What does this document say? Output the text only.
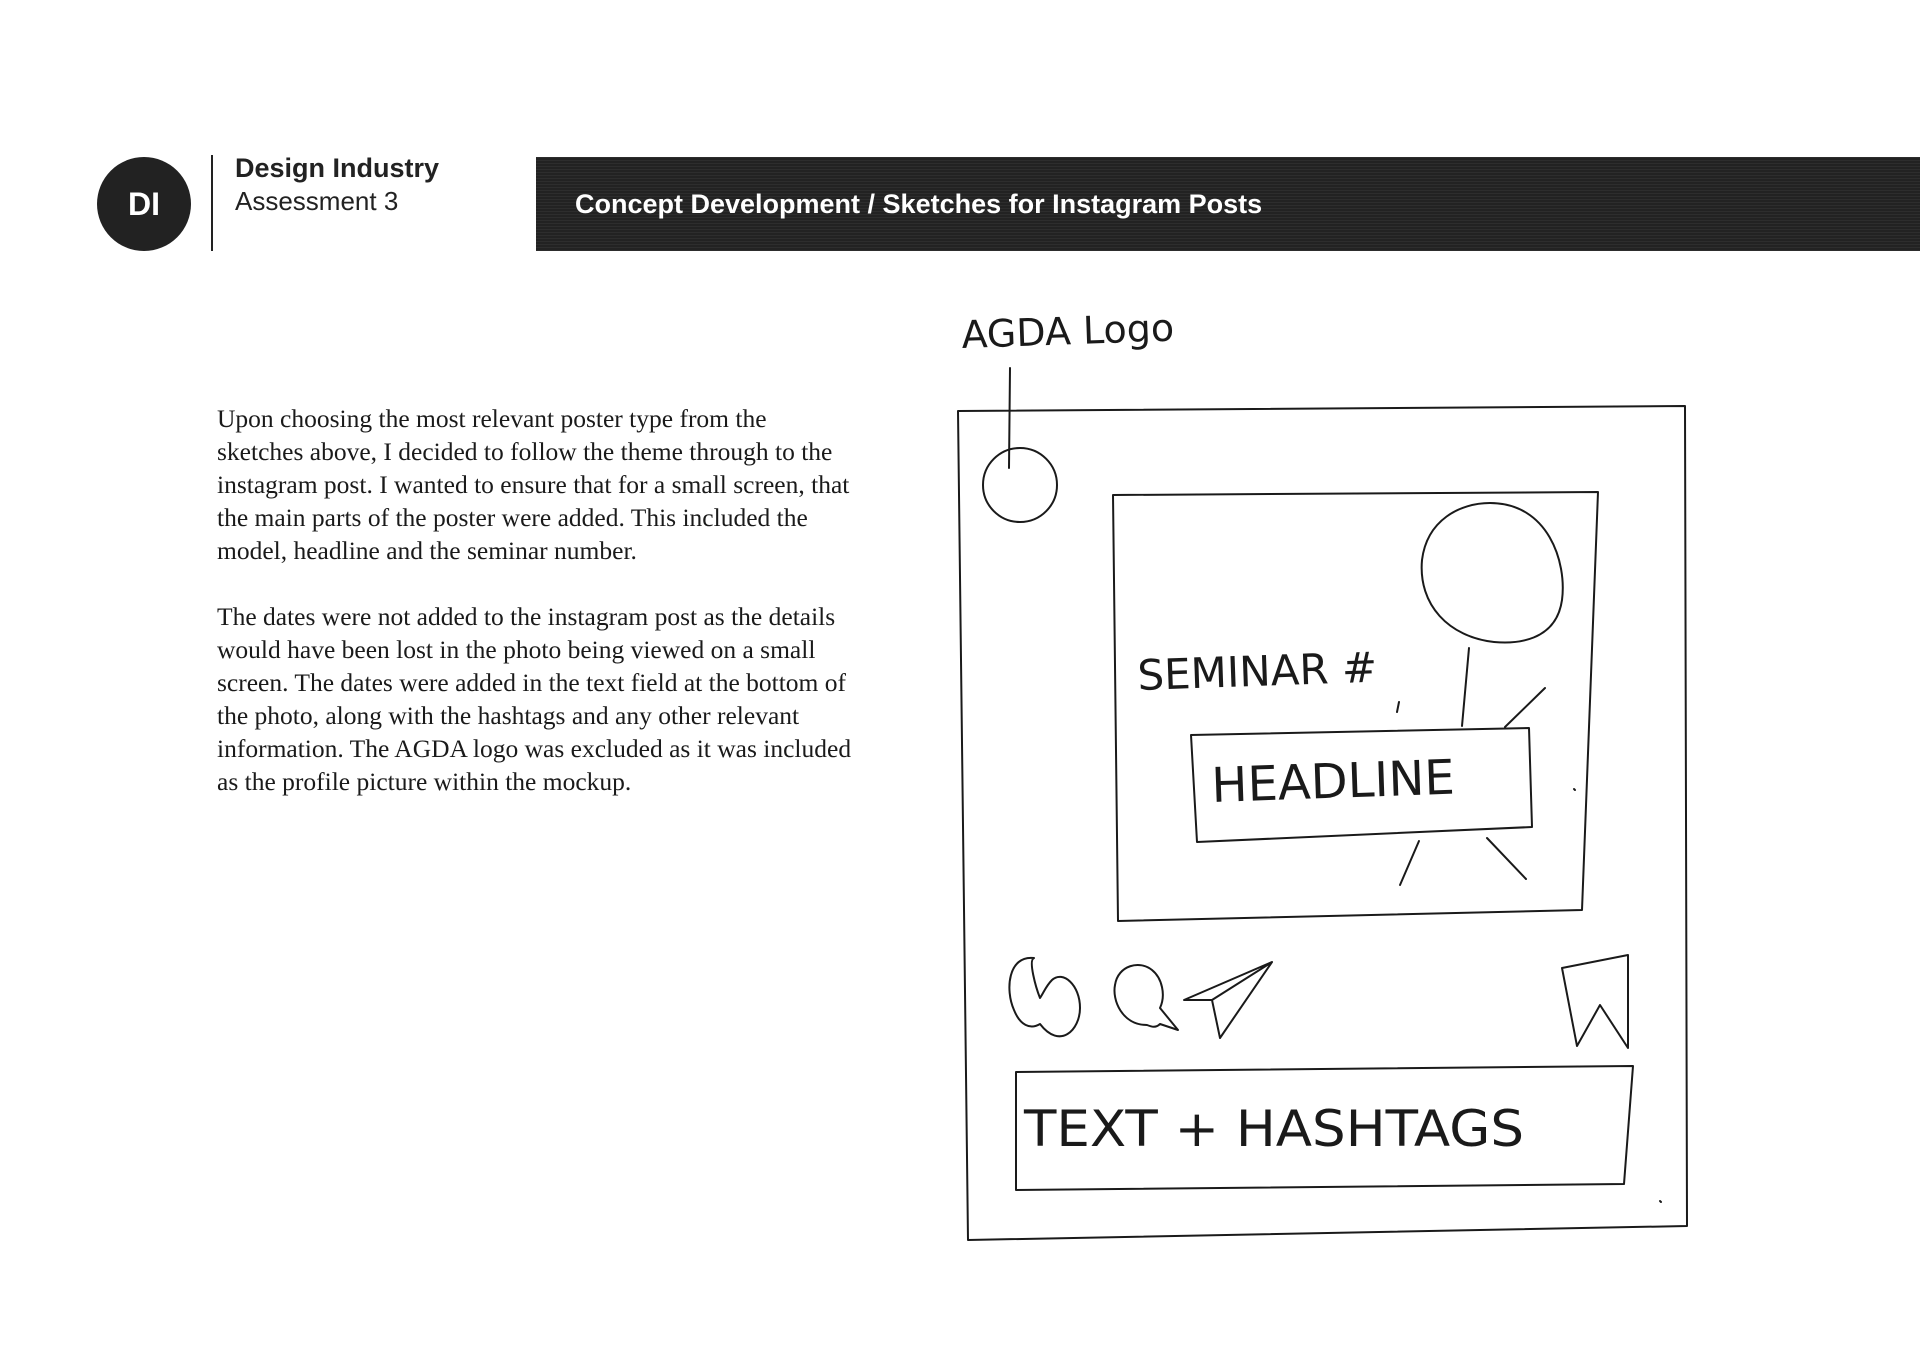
DI
Design Industry
Assessment 3	Concept Development / Sketches for Instagram Posts

Upon choosing the most relevant poster type from the sketches above, I decided to follow the theme through to the instagram post. I wanted to ensure that for a small screen, that the main parts of the poster were added. This included the model, headline and the seminar number.

The dates were not added to the instagram post as the details would have been lost in the photo being viewed on a small screen. The dates were added in the text field at the bottom of the photo, along with the hashtags and any other relevant information. The AGDA logo was excluded as it was included as the profile picture within the mockup.

AGDA Logo
SEMINAR #
HEADLINE
TEXT + HASHTAGS
